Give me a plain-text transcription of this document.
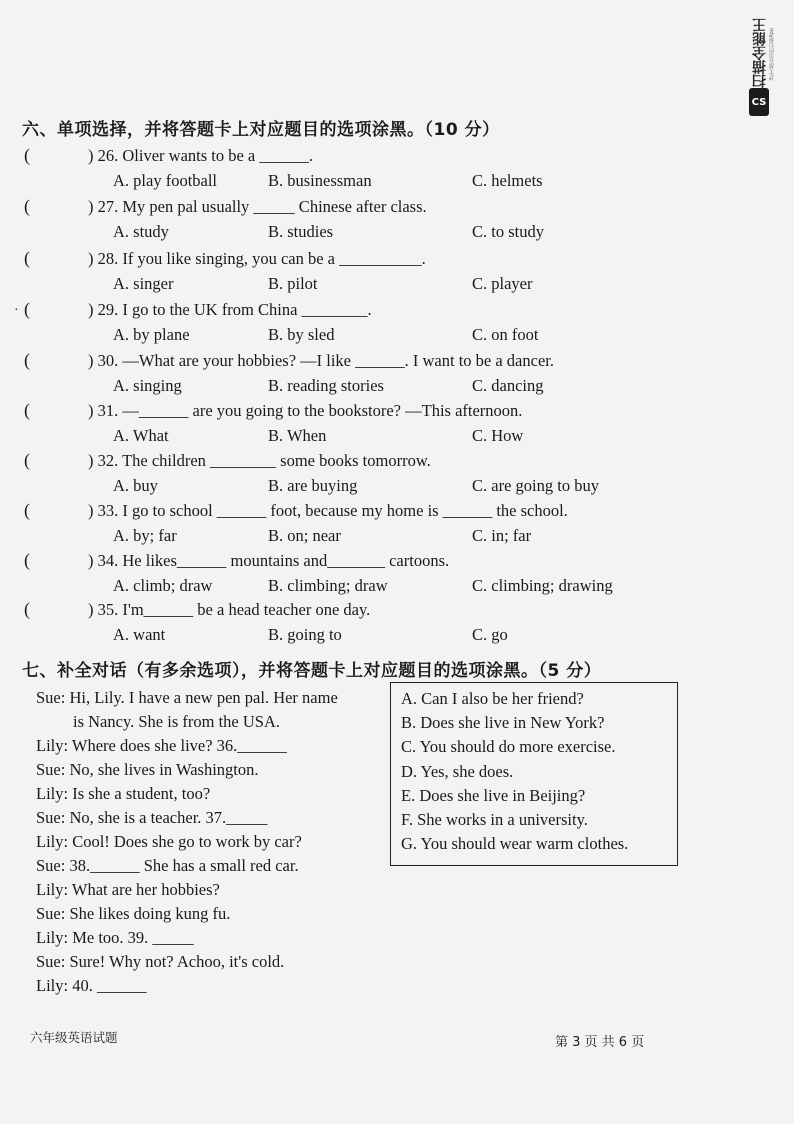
扫描全能王 3亿人都在用的扫描App
CS
·
六、单项选择，并将答题卡上对应题目的选项涂黑。（10 分）
(	) 26. Oliver wants to be a ______.
A. play football	B. businessman	C. helmets
(	) 27. My pen pal usually _____ Chinese after class.
A. study	B. studies	C. to study
(	) 28. If you like singing, you can be a __________.
A. singer	B. pilot	C. player
(	) 29. I go to the UK from China ________.
A. by plane	B. by sled	C. on foot
(	) 30. —What are your hobbies? —I like ______. I want to be a dancer.
A. singing	B. reading stories	C. dancing
(	) 31. —______ are you going to the bookstore? —This afternoon.
A. What	B. When	C. How
(	) 32. The children ________ some books tomorrow.
A. buy	B. are buying	C. are going to buy
(	) 33. I go to school ______ foot, because my home is ______ the school.
A. by; far	B. on; near	C. in; far
(	) 34. He likes______ mountains and_______ cartoons.
A. climb; draw	B. climbing; draw	C. climbing; drawing
(	) 35. I'm______ be a head teacher one day.
A. want	B. going to	C. go
七、补全对话（有多余选项），并将答题卡上对应题目的选项涂黑。（5 分）
Sue: Hi, Lily. I have a new pen pal. Her name
is Nancy. She is from the USA.
Lily: Where does she live? 36.______
Sue: No, she lives in Washington.
Lily: Is she a student, too?
Sue: No, she is a teacher. 37._____
Lily: Cool! Does she go to work by car?
Sue: 38.______ She has a small red car.
Lily: What are her hobbies?
Sue: She likes doing kung fu.
Lily: Me too. 39. _____
Sue: Sure! Why not? Achoo, it's cold.
Lily: 40. ______
A. Can I also be her friend?
B. Does she live in New York?
C. You should do more exercise.
D. Yes, she does.
E. Does she live in Beijing?
F. She works in a university.
G. You should wear warm clothes.
六年级英语试题	第 3 页 共 6 页
